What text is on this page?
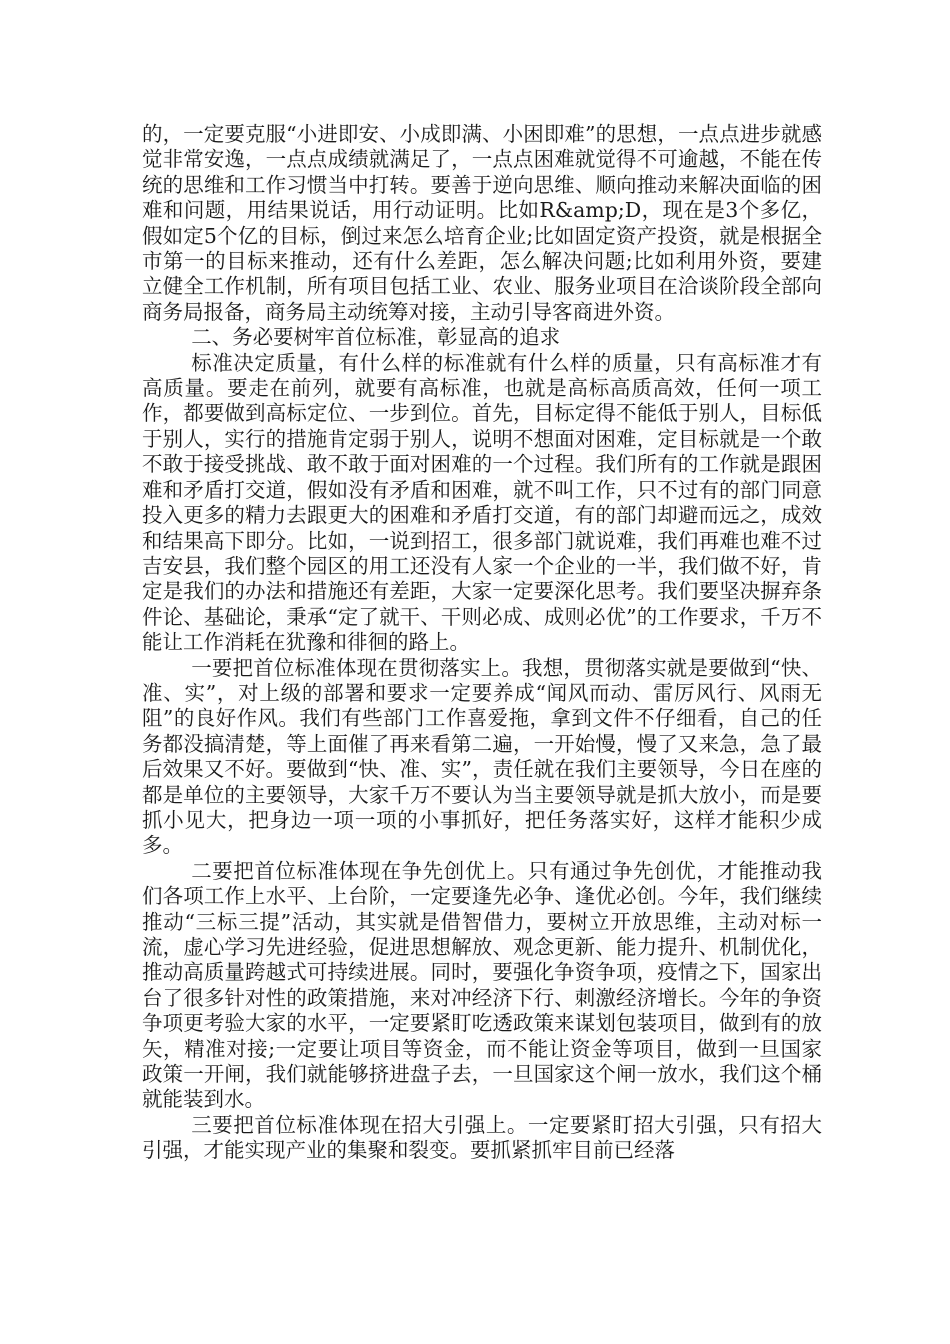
的，一定要克服“小进即安、小成即满、小困即难”的思想，一点点进步就感觉非常安逸，一点点成绩就满足了，一点点困难就觉得不可逾越，不能在传统的思维和工作习惯当中打转。要善于逆向思维、顺向推动来解决面临的困难和问题，用结果说话，用行动证明。比如R&amp;D，现在是3个多亿，假如定5个亿的目标，倒过来怎么培育企业;比如固定资产投资，就是根据全市第一的目标来推动，还有什么差距，怎么解决问题;比如利用外资，要建立健全工作机制，所有项目包括工业、农业、服务业项目在洽谈阶段全部向商务局报备，商务局主动统筹对接，主动引导客商进外资。

二、务必要树牢首位标准，彰显高的追求

标准决定质量，有什么样的标准就有什么样的质量，只有高标准才有高质量。要走在前列，就要有高标准，也就是高标高质高效，任何一项工作，都要做到高标定位、一步到位。首先，目标定得不能低于别人，目标低于别人，实行的措施肯定弱于别人，说明不想面对困难，定目标就是一个敢不敢于接受挑战、敢不敢于面对困难的一个过程。我们所有的工作就是跟困难和矛盾打交道，假如没有矛盾和困难，就不叫工作，只不过有的部门同意投入更多的精力去跟更大的困难和矛盾打交道，有的部门却避而远之，成效和结果高下即分。比如，一说到招工，很多部门就说难，我们再难也难不过吉安县，我们整个园区的用工还没有人家一个企业的一半，我们做不好，肯定是我们的办法和措施还有差距，大家一定要深化思考。我们要坚决摒弃条件论、基础论，秉承“定了就干、干则必成、成则必优”的工作要求，千万不能让工作消耗在犹豫和徘徊的路上。

一要把首位标准体现在贯彻落实上。我想，贯彻落实就是要做到“快、准、实”，对上级的部署和要求一定要养成“闻风而动、雷厉风行、风雨无阻”的良好作风。我们有些部门工作喜爱拖，拿到文件不仔细看，自己的任务都没搞清楚，等上面催了再来看第二遍，一开始慢，慢了又来急，急了最后效果又不好。要做到“快、准、实”，责任就在我们主要领导，今日在座的都是单位的主要领导，大家千万不要认为当主要领导就是抓大放小，而是要抓小见大，把身边一项一项的小事抓好，把任务落实好，这样才能积少成多。

二要把首位标准体现在争先创优上。只有通过争先创优，才能推动我们各项工作上水平、上台阶，一定要逢先必争、逢优必创。今年，我们继续推动“三标三提”活动，其实就是借智借力，要树立开放思维，主动对标一流，虚心学习先进经验，促进思想解放、观念更新、能力提升、机制优化，推动高质量跨越式可持续进展。同时，要强化争资争项，疫情之下，国家出台了很多针对性的政策措施，来对冲经济下行、刺激经济增长。今年的争资争项更考验大家的水平，一定要紧盯吃透政策来谋划包装项目，做到有的放矢，精准对接;一定要让项目等资金，而不能让资金等项目，做到一旦国家政策一开闸，我们就能够挤进盘子去，一旦国家这个闸一放水，我们这个桶就能装到水。

三要把首位标准体现在招大引强上。一定要紧盯招大引强，只有招大引强，才能实现产业的集聚和裂变。要抓紧抓牢目前已经落
